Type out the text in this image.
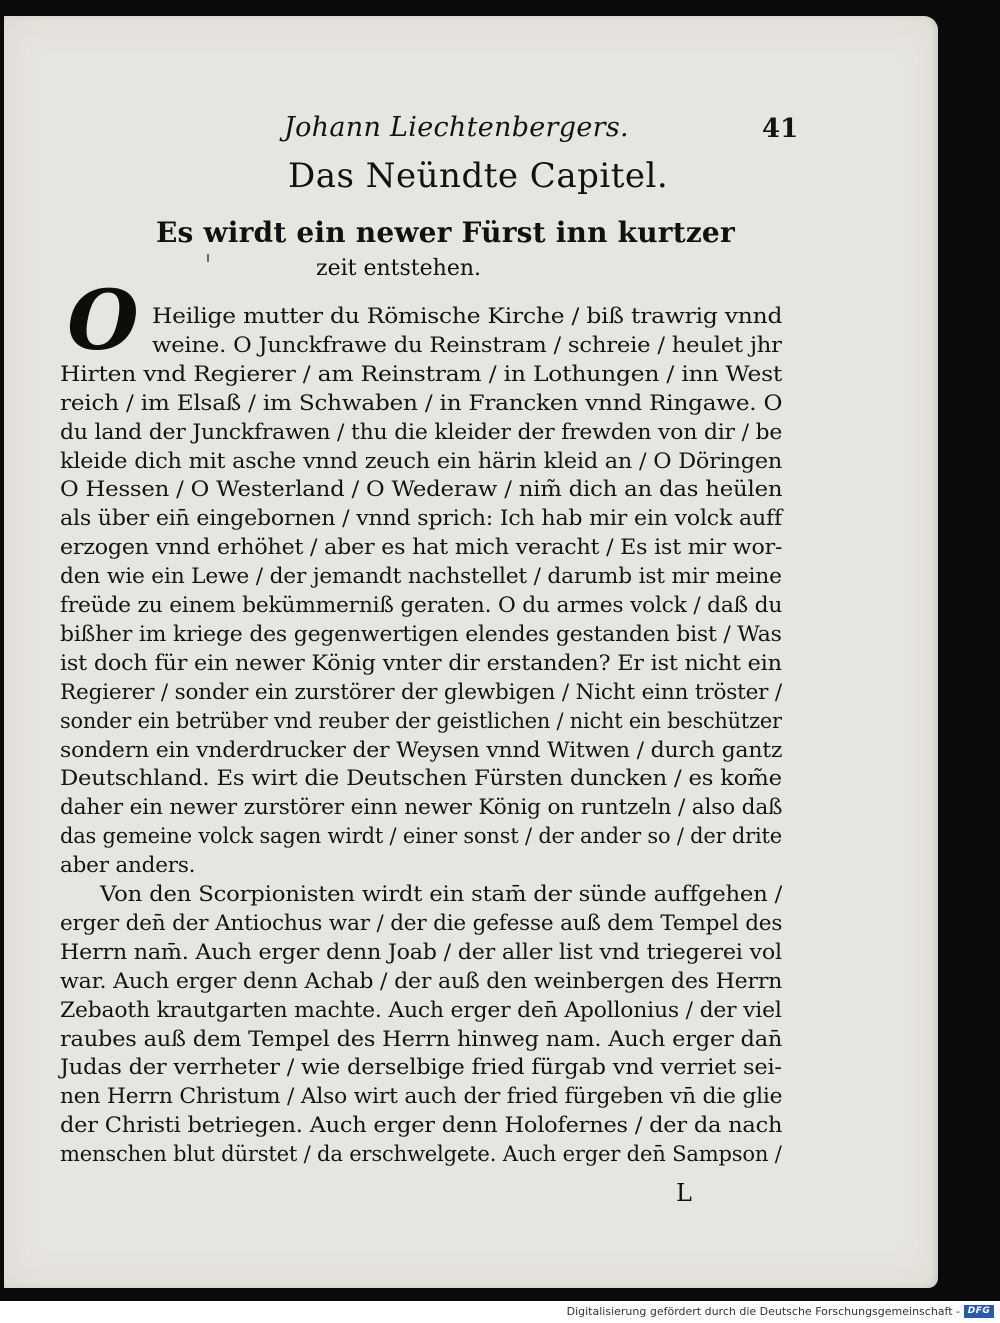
Johann Liechtenbergers.	41
Das Neündte Capitel.
Es wirdt ein newer Fürst inn kurtzer
zeit entstehen.
O Heilige mutter du Römische Kirche / biß trawrig vnnd
weine. O Junckfrawe du Reinstram / schreie / heulet jhr
Hirten vnd Regierer / am Reinstram / in Lothungen / inn West
reich / im Elsaß / im Schwaben / in Francken vnnd Ringawe. O
du land der Junckfrawen / thu die kleider der frewden von dir / be
kleide dich mit asche vnnd zeuch ein härin kleid an / O Döringen
O Hessen / O Westerland / O Wederaw / nim̃ dich an das heülen
als über ein̄ eingebornen / vnnd sprich: Ich hab mir ein volck auff
erzogen vnnd erhöhet / aber es hat mich veracht / Es ist mir wor-
den wie ein Lewe / der jemandt nachstellet / darumb ist mir meine
freüde zu einem bekümmerniß geraten. O du armes volck / daß du
bißher im kriege des gegenwertigen elendes gestanden bist / Was
ist doch für ein newer König vnter dir erstanden? Er ist nicht ein
Regierer / sonder ein zurstörer der glewbigen / Nicht einn tröster /
sonder ein betrüber vnd reuber der geistlichen / nicht ein beschützer
sondern ein vnderdrucker der Weysen vnnd Witwen / durch gantz
Deutschland. Es wirt die Deutschen Fürsten duncken / es kom̃e
daher ein newer zurstörer einn newer König on runtzeln / also daß
das gemeine volck sagen wirdt / einer sonst / der ander so / der drite
aber anders.
Von den Scorpionisten wirdt ein stam̄ der sünde auffgehen /
erger den̄ der Antiochus war / der die gefesse auß dem Tempel des
Herrn nam̄. Auch erger denn Joab / der aller list vnd triegerei vol
war. Auch erger denn Achab / der auß den weinbergen des Herrn
Zebaoth krautgarten machte. Auch erger den̄ Apollonius / der viel
raubes auß dem Tempel des Herrn hinweg nam. Auch erger dan̄
Judas der verrheter / wie derselbige fried fürgab vnd verriet sei-
nen Herrn Christum / Also wirt auch der fried fürgeben vn̄ die glie
der Christi betriegen. Auch erger denn Holofernes / der da nach
menschen blut dürstet / da erschwelgete. Auch erger den̄ Sampson /
L
Digitalisierung gefördert durch die Deutsche Forschungsgemeinschaft - DFG
